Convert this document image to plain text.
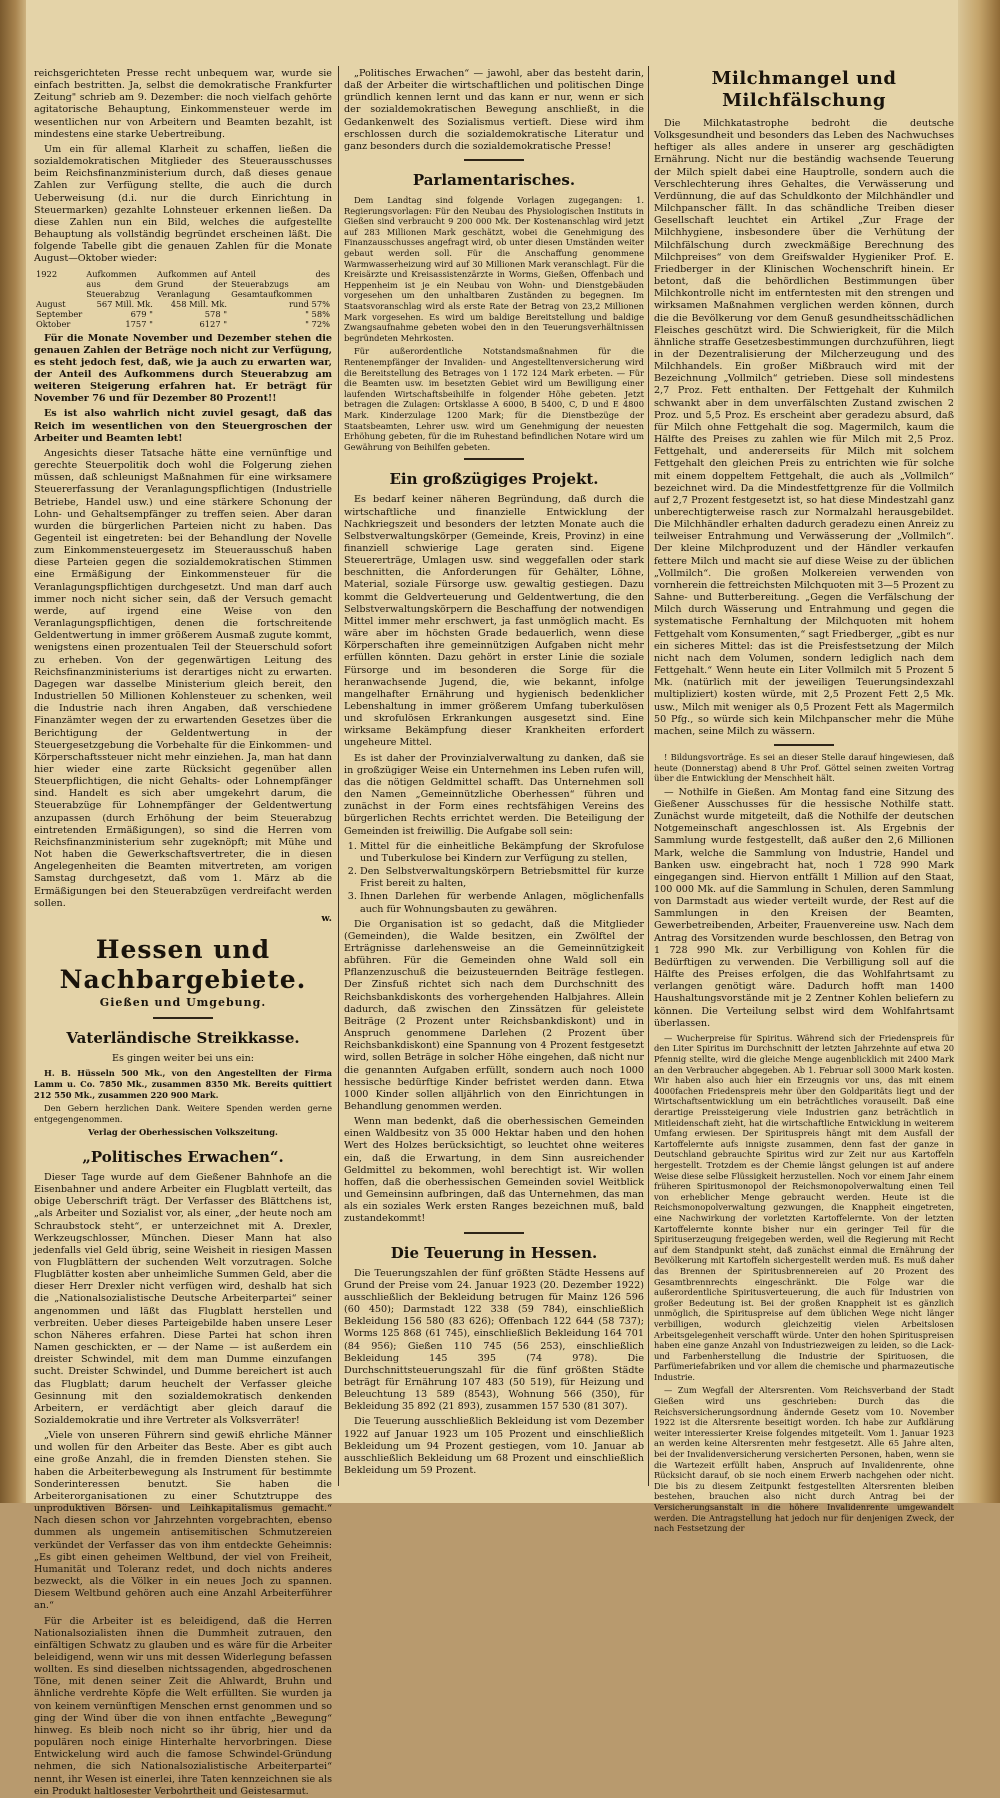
reichsgerichteten Presse recht unbequem war, wurde sie einfach bestritten. Ja, selbst die demokratische Frankfurter Zeitung" schrieb am 9. Dezember: die noch vielfach gehörte agitatorische Behauptung, Einkommensteuer werde im wesentlichen nur von Arbeitern und Beamten bezahlt, ist mindestens eine starke Uebertreibung.

Um ein für allemal Klarheit zu schaffen, ließen die sozialdemokratischen Mitglieder des Steuerausschusses beim Reichsfinanzministerium durch, daß dieses genaue Zahlen zur Verfügung stellte, die auch die durch Ueberweisung (d.i. nur die durch Einrichtung in Steuermarken) gezahlte Lohnsteuer erkennen ließen. Da diese Zahlen nun ein Bild, welches die aufgestellte Behauptung als vollständig begründet erscheinen läßt. Die folgende Tabelle gibt die genauen Zahlen für die Monate August—Oktober wieder:

1922	Aufkommen aus dem Steuerabzug	Aufkommen auf Grund der Veranlagung	Anteil des Steuerabzugs am Gesamtaufkommen
August	567 Mill. Mk.	458 Mill. Mk.	rund 57%
September	679 "	578 "	" 58%
Oktober	1757 "	6127 "	" 72%

Für die Monate November und Dezember stehen die genauen Zahlen der Beträge noch nicht zur Verfügung, es steht jedoch fest, daß, wie ja auch zu erwarten war, der Anteil des Aufkommens durch Steuerabzug am weiteren Steigerung erfahren hat. Er beträgt für November 76 und für Dezember 80 Prozent!!

Es ist also wahrlich nicht zuviel gesagt, daß das Reich im wesentlichen von den Steuergroschen der Arbeiter und Beamten lebt!

Angesichts dieser Tatsache hätte eine vernünftige und gerechte Steuerpolitik doch wohl die Folgerung ziehen müssen, daß schleunigst Maßnahmen für eine wirksamere Steuererfassung der Veranlagungspflichtigen (Industrielle Betriebe, Handel usw.) und eine stärkere Schonung der Lohn- und Gehaltsempfänger zu treffen seien. Aber daran wurden die bürgerlichen Parteien nicht zu haben. Das Gegenteil ist eingetreten: bei der Behandlung der Novelle zum Einkommensteuergesetz im Steuerausschuß haben diese Parteien gegen die sozialdemokratischen Stimmen eine Ermäßigung der Einkommensteuer für die Veranlagungspflichtigen durchgesetzt. Und man darf auch immer noch nicht sicher sein, daß der Versuch gemacht werde, auf irgend eine Weise von den Veranlagungspflichtigen, denen die fortschreitende Geldentwertung in immer größerem Ausmaß zugute kommt, wenigstens einen prozentualen Teil der Steuerschuld sofort zu erheben. Von der gegenwärtigen Leitung des Reichsfinanzministeriums ist derartiges nicht zu erwarten. Dagegen war dasselbe Ministerium gleich bereit, den Industriellen 50 Millionen Kohlensteuer zu schenken, weil die Industrie nach ihren Angaben, daß verschiedene Finanzämter wegen der zu erwartenden Gesetzes über die Berichtigung der Geldentwertung in der Steuergesetzgebung die Vorbehalte für die Einkommen- und Körperschaftssteuer nicht mehr einziehen. Ja, man hat dann hier wieder eine zarte Rücksicht gegenüber allen Steuerpflichtigen, die nicht Gehalts- oder Lohnempfänger sind. Handelt es sich aber umgekehrt darum, die Steuerabzüge für Lohnempfänger der Geldentwertung anzupassen (durch Erhöhung der beim Steuerabzug eintretenden Ermäßigungen), so sind die Herren vom Reichsfinanzministerium sehr zugeknöpft; mit Mühe und Not haben die Gewerkschaftsvertreter, die in diesen Angelegenheiten die Beamten mitvertreten, am vorigen Samstag durchgesetzt, daß vom 1. März ab die Ermäßigungen bei den Steuerabzügen verdreifacht werden sollen.

w.
Hessen und Nachbargebiete.
Gießen und Umgebung.
Vaterländische Streikkasse.

Es gingen weiter bei uns ein:

H. B. Hüsseln 500 Mk., von den Angestellten der Firma Lamm u. Co. 7850 Mk., zusammen 8350 Mk. Bereits quittiert 212 550 Mk., zusammen 220 900 Mark.

Den Gebern herzlichen Dank. Weitere Spenden werden gerne entgegengenommen.

Verlag der Oberhessischen Volkszeitung.

„Politisches Erwachen“.

Dieser Tage wurde auf dem Gießener Bahnhofe an die Eisenbahner und andere Arbeiter ein Flugblatt verteilt, das obige Ueberschrift trägt. Der Verfasser des Blättchens ist, „als Arbeiter und Sozialist vor, als einer, „der heute noch am Schraubstock steht“, er unterzeichnet mit A. Drexler, Werkzeugschlosser, München. Dieser Mann hat also jedenfalls viel Geld übrig, seine Weisheit in riesigen Massen von Flugblättern der suchenden Welt vorzutragen. Solche Flugblätter kosten aber unheimliche Summen Geld, aber die dieser Herr Drexler nicht verfügen wird, deshalb hat sich die „Nationalsozialistische Deutsche Arbeiterpartei“ seiner angenommen und läßt das Flugblatt herstellen und verbreiten. Ueber dieses Parteigebilde haben unsere Leser schon Näheres erfahren. Diese Partei hat schon ihren Namen geschickten, er — der Name — ist außerdem ein dreister Schwindel, mit dem man Dumme einzufangen sucht. Dreister Schwindel, und Dumme bereichert ist auch das Flugblatt; darum heuchelt der Verfasser gleiche Gesinnung mit den sozialdemokratisch denkenden Arbeitern, er verdächtigt aber gleich darauf die Sozialdemokratie und ihre Vertreter als Volksverräter!

„Viele von unseren Führern sind gewiß ehrliche Männer und wollen für den Arbeiter das Beste. Aber es gibt auch eine große Anzahl, die in fremden Diensten stehen. Sie haben die Arbeiterbewegung als Instrument für bestimmte Sonderinteressen benutzt. Sie haben die Arbeiterorganisationen zu einer Schutztruppe des unproduktiven Börsen- und Leihkapitalismus gemacht.“ Nach diesen schon vor Jahrzehnten vorgebrachten, ebenso dummen als ungemein antisemitischen Schmutzereien verkündet der Verfasser das von ihm entdeckte Geheimnis: „Es gibt einen geheimen Weltbund, der viel von Freiheit, Humanität und Toleranz redet, und doch nichts anderes bezweckt, als die Völker in ein neues Joch zu spannen. Diesem Weltbund gehören auch eine Anzahl Arbeiterführer an.“

Für die Arbeiter ist es beleidigend, daß die Herren Nationalsozialisten ihnen die Dummheit zutrauen, den einfältigen Schwatz zu glauben und es wäre für die Arbeiter beleidigend, wenn wir uns mit dessen Widerlegung befassen wollten. Es sind dieselben nichtssagenden, abgedroschenen Töne, mit denen seiner Zeit die Ahlwardt, Bruhn und ähnliche verdrehte Köpfe die Welt erfüllten. Sie wurden ja von keinem vernünftigen Menschen ernst genommen und so ging der Wind über die von ihnen entfachte „Bewegung“ hinweg. Es bleib noch nicht so ihr übrig, hier und da populären noch einige Hinterhalte hervorbringen. Diese Entwickelung wird auch die famose Schwindel-Gründung nehmen, die sich Nationalsozialistische Arbeiterpartei“ nennt, ihr Wesen ist einerlei, ihre Taten kennzeichnen sie als ein Produkt haltlosester Verbohrtheit und Geistesarmut.

„Politisches Erwachen“ — jawohl, aber das besteht darin, daß der Arbeiter die wirtschaftlichen und politischen Dinge gründlich kennen lernt und das kann er nur, wenn er sich der sozialdemokratischen Bewegung anschließt, in die Gedankenwelt des Sozialismus vertieft. Diese wird ihm erschlossen durch die sozialdemokratische Literatur und ganz besonders durch die sozialdemokratische Presse!

Parlamentarisches.

Dem Landtag sind folgende Vorlagen zugegangen: 1. Regierungsvorlagen: Für den Neubau des Physiologischen Instituts in Gießen sind verbraucht 9 200 000 Mk. Der Kostenanschlag wird jetzt auf 283 Millionen Mark geschätzt, wobei die Genehmigung des Finanzausschusses angefragt wird, ob unter diesen Umständen weiter gebaut werden soll. Für die Anschaffung genommene Warmwasserheizung wird auf 30 Millionen Mark veranschlagt. Für die Kreisärzte und Kreisassistenzärzte in Worms, Gießen, Offenbach und Heppenheim ist je ein Neubau von Wohn- und Dienstgebäuden vorgesehen um den unhaltbaren Zuständen zu begegnen. Im Staatsvoranschlag wird als erste Rate der Betrag von 23,2 Millionen Mark vorgesehen. Es wird um baldige Bereitstellung und baldige Zwangsaufnahme gebeten wobei den in den Teuerungsverhältnissen begründeten Mehrkosten.

Für außerordentliche Notstandsmaßnahmen für die Rentenempfänger der Invaliden- und Angestelltenversicherung wird die Bereitstellung des Betrages von 1 172 124 Mark erbeten. — Für die Beamten usw. im besetzten Gebiet wird um Bewilligung einer laufenden Wirtschaftsbeihilfe in folgender Höhe gebeten. Jetzt betragen die Zulagen: Ortsklasse A 6000, B 5400, C, D und E 4800 Mark. Kinderzulage 1200 Mark; für die Dienstbezüge der Staatsbeamten, Lehrer usw. wird um Genehmigung der neuesten Erhöhung gebeten, für die im Ruhestand befindlichen Notare wird um Gewährung von Beihilfen gebeten.

Ein großzügiges Projekt.

Es bedarf keiner näheren Begründung, daß durch die wirtschaftliche und finanzielle Entwicklung der Nachkriegszeit und besonders der letzten Monate auch die Selbstverwaltungskörper (Gemeinde, Kreis, Provinz) in eine finanziell schwierige Lage geraten sind. Eigene Steuererträge, Umlagen usw. sind weggefallen oder stark beschnitten, die Anforderungen für Gehälter, Löhne, Material, soziale Fürsorge usw. gewaltig gestiegen. Dazu kommt die Geldverteuerung und Geldentwertung, die den Selbstverwaltungskörpern die Beschaffung der notwendigen Mittel immer mehr erschwert, ja fast unmöglich macht. Es wäre aber im höchsten Grade bedauerlich, wenn diese Körperschaften ihre gemeinnützigen Aufgaben nicht mehr erfüllen könnten. Dazu gehört in erster Linie die soziale Fürsorge und im besonderen die Sorge für die heranwachsende Jugend, die, wie bekannt, infolge mangelhafter Ernährung und hygienisch bedenklicher Lebenshaltung in immer größerem Umfang tuberkulösen und skrofulösen Erkrankungen ausgesetzt sind. Eine wirksame Bekämpfung dieser Krankheiten erfordert ungeheure Mittel.

Es ist daher der Provinzialverwaltung zu danken, daß sie in großzügiger Weise ein Unternehmen ins Leben rufen will, das die nötigen Geldmittel schafft. Das Unternehmen soll den Namen „Gemeinnützliche Oberhessen“ führen und zunächst in der Form eines rechtsfähigen Vereins des bürgerlichen Rechts errichtet werden. Die Beteiligung der Gemeinden ist freiwillig. Die Aufgabe soll sein:

1. Mittel für die einheitliche Bekämpfung der Skrofulose und Tuberkulose bei Kindern zur Verfügung zu stellen,
2. Den Selbstverwaltungskörpern Betriebsmittel für kurze Frist bereit zu halten,
3. Ihnen Darlehen für werbende Anlagen, möglichenfalls auch für Wohnungsbauten zu gewähren.

Die Organisation ist so gedacht, daß die Mitglieder (Gemeinden), die Walde besitzen, ein Zwölftel der Erträgnisse darlehensweise an die Gemeinnützigkeit abführen. Für die Gemeinden ohne Wald soll ein Pflanzenzuschuß die beizusteuernden Beiträge festlegen. Der Zinsfuß richtet sich nach dem Durchschnitt des Reichsbankdiskonts des vorhergehenden Halbjahres. Allein dadurch, daß zwischen den Zinssätzen für geleistete Beiträge (2 Prozent unter Reichsbankdiskont) und in Anspruch genommene Darlehen (2 Prozent über Reichsbankdiskont) eine Spannung von 4 Prozent festgesetzt wird, sollen Beträge in solcher Höhe eingehen, daß nicht nur die genannten Aufgaben erfüllt, sondern auch noch 1000 hessische bedürftige Kinder befristet werden dann. Etwa 1000 Kinder sollen alljährlich von den Einrichtungen in Behandlung genommen werden.

Wenn man bedenkt, daß die oberhessischen Gemeinden einen Waldbesitz von 35 000 Hektar haben und den hohen Wert des Holzes berücksichtigt, so leuchtet ohne weiteres ein, daß die Erwartung, in dem Sinn ausreichender Geldmittel zu bekommen, wohl berechtigt ist. Wir wollen hoffen, daß die oberhessischen Gemeinden soviel Weitblick und Gemeinsinn aufbringen, daß das Unternehmen, das man als ein soziales Werk ersten Ranges bezeichnen muß, bald zustandekommt!

Die Teuerung in Hessen.

Die Teuerungszahlen der fünf größten Städte Hessens auf Grund der Preise vom 24. Januar 1923 (20. Dezember 1922) ausschließlich der Bekleidung betrugen für Mainz 126 596 (60 450); Darmstadt 122 338 (59 784), einschließlich Bekleidung 156 580 (83 626); Offenbach 122 644 (58 737); Worms 125 868 (61 745), einschließlich Bekleidung 164 701 (84 956); Gießen 110 745 (56 253), einschließlich Bekleidung 145 395 (74 978). Die Durchschnittsteuerungszahl für die fünf größten Städte beträgt für Ernährung 107 483 (50 519), für Heizung und Beleuchtung 13 589 (8543), Wohnung 566 (350), für Bekleidung 35 892 (21 893), zusammen 157 530 (81 307).

Die Teuerung ausschließlich Bekleidung ist vom Dezember 1922 auf Januar 1923 um 105 Prozent und einschließlich Bekleidung um 94 Prozent gestiegen, vom 10. Januar ab ausschließlich Bekleidung um 68 Prozent und einschließlich Bekleidung um 59 Prozent.

Milchmangel und Milchfälschung

Die Milchkatastrophe bedroht die deutsche Volksgesundheit und besonders das Leben des Nachwuchses heftiger als alles andere in unserer arg geschädigten Ernährung. Nicht nur die beständig wachsende Teuerung der Milch spielt dabei eine Hauptrolle, sondern auch die Verschlechterung ihres Gehaltes, die Verwässerung und Verdünnung, die auf das Schuldkonto der Milchhändler und Milchpanscher fällt. In das schändliche Treiben dieser Gesellschaft leuchtet ein Artikel „Zur Frage der Milchhygiene, insbesondere über die Verhütung der Milchfälschung durch zweckmäßige Berechnung des Milchpreises“ von dem Greifswalder Hygieniker Prof. E. Friedberger in der Klinischen Wochenschrift hinein. Er betont, daß die behördlichen Bestimmungen über Milchkontrolle nicht im entferntesten mit den strengen und wirksamen Maßnahmen verglichen werden können, durch die die Bevölkerung vor dem Genuß gesundheitsschädlichen Fleisches geschützt wird. Die Schwierigkeit, für die Milch ähnliche straffe Gesetzesbestimmungen durchzuführen, liegt in der Dezentralisierung der Milcherzeugung und des Milchhandels. Ein großer Mißbrauch wird mit der Bezeichnung „Vollmilch“ getrieben. Diese soll mindestens 2,7 Proz. Fett enthalten. Der Fettgehalt der Kuhmilch schwankt aber in dem unverfälschten Zustand zwischen 2 Proz. und 5,5 Proz. Es erscheint aber geradezu absurd, daß für Milch ohne Fettgehalt die sog. Magermilch, kaum die Hälfte des Preises zu zahlen wie für Milch mit 2,5 Proz. Fettgehalt, und andererseits für Milch mit solchem Fettgehalt den gleichen Preis zu entrichten wie für solche mit einem doppeltem Fettgehalt, die auch als „Vollmilch“ bezeichnet wird. Da die Mindestfettgrenze für die Vollmilch auf 2,7 Prozent festgesetzt ist, so hat diese Mindestzahl ganz unberechtigterweise rasch zur Normalzahl herausgebildet. Die Milchhändler erhalten dadurch geradezu einen Anreiz zu teilweiser Entrahmung und Verwässerung der „Vollmilch“. Der kleine Milchproduzent und der Händler verkaufen fettere Milch und macht sie auf diese Weise zu der üblichen „Vollmilch“. Die großen Molkereien verwenden von vornherein die fettreichsten Milchquoten mit 3—5 Prozent zu Sahne- und Butterbereitung. „Gegen die Verfälschung der Milch durch Wässerung und Entrahmung und gegen die systematische Fernhaltung der Milchquoten mit hohem Fettgehalt vom Konsumenten,“ sagt Friedberger, „gibt es nur ein sicheres Mittel: das ist die Preisfestsetzung der Milch nicht nach dem Volumen, sondern lediglich nach dem Fettgehalt.“ Wenn heute ein Liter Vollmilch mit 5 Prozent 5 Mk. (natürlich mit der jeweiligen Teuerungsindexzahl multipliziert) kosten würde, mit 2,5 Prozent Fett 2,5 Mk. usw., Milch mit weniger als 0,5 Prozent Fett als Magermilch 50 Pfg., so würde sich kein Milchpanscher mehr die Mühe machen, seine Milch zu wässern.

! Bildungsvorträge. Es sei an dieser Stelle darauf hingewiesen, daß heute (Donnerstag) abend 8 Uhr Prof. Göttel seinen zweiten Vortrag über die Entwicklung der Menschheit hält.

— Nothilfe in Gießen. Am Montag fand eine Sitzung des Gießener Ausschusses für die hessische Nothilfe statt. Zunächst wurde mitgeteilt, daß die Nothilfe der deutschen Notgemeinschaft angeschlossen ist. Als Ergebnis der Sammlung wurde festgestellt, daß außer den 2,6 Millionen Mark, welche die Sammlung von Industrie, Handel und Banken usw. eingebracht hat, noch 1 728 990 Mark eingegangen sind. Hiervon entfällt 1 Million auf den Staat, 100 000 Mk. auf die Sammlung in Schulen, deren Sammlung von Darmstadt aus wieder verteilt wurde, der Rest auf die Sammlungen in den Kreisen der Beamten, Gewerbetreibenden, Arbeiter, Frauenvereine usw. Nach dem Antrag des Vorsitzenden wurde beschlossen, den Betrag von 1 728 990 Mk. zur Verbilligung von Kohlen für die Bedürftigen zu verwenden. Die Verbilligung soll auf die Hälfte des Preises erfolgen, die das Wohlfahrtsamt zu verlangen genötigt wäre. Dadurch hofft man 1400 Haushaltungsvorstände mit je 2 Zentner Kohlen beliefern zu können. Die Verteilung selbst wird dem Wohlfahrtsamt überlassen.

— Wucherpreise für Spiritus. Während sich der Friedenspreis für den Liter Spiritus im Durchschnitt der letzten Jahrzehnte auf etwa 20 Pfennig stellte, wird die gleiche Menge augenblicklich mit 2400 Mark an den Verbraucher abgegeben. Ab 1. Februar soll 3000 Mark kosten. Wir haben also auch hier ein Erzeugnis vor uns, das mit einem 4000fachen Friedenspreis mehr über den Goldparitäts liegt und der Wirtschaftsentwicklung um ein beträchtliches vorauseilt. Daß eine derartige Preissteigerung viele Industrien ganz beträchtlich in Mitleidenschaft zieht, hat die wirtschaftliche Entwicklung in weiterem Umfang erwiesen. Der Spirituspreis hängt mit dem Ausfall der Kartoffelernte aufs innigste zusammen, denn fast der ganze in Deutschland gebrauchte Spiritus wird zur Zeit nur aus Kartoffeln hergestellt. Trotzdem es der Chemie längst gelungen ist auf andere Weise diese selbe Flüssigkeit herzustellen. Noch vor einem Jahr einem früheren Spiritusmonopol der Reichsmonopolverwaltung einen Teil von erheblicher Menge gebraucht werden. Heute ist die Reichsmonopolverwaltung gezwungen, die Knappheit eingetreten, eine Nachwirkung der vorletzten Kartoffelernte. Von der letzten Kartoffelernte konnte bisher nur ein geringer Teil für die Spirituserzeugung freigegeben werden, weil die Regierung mit Recht auf dem Standpunkt steht, daß zunächst einmal die Ernährung der Bevölkerung mit Kartoffeln sichergestellt werden muß. Es muß daher das Brennen der Spiritusbrennereien auf 20 Prozent des Gesamtbrennrechts eingeschränkt. Die Folge war die außerordentliche Spiritusverteuerung, die auch für Industrien von großer Bedeutung ist. Bei der großen Knappheit ist es gänzlich unmöglich, die Spirituspreise auf dem üblichen Wege nicht länger verbilligen, wodurch gleichzeitig vielen Arbeitslosen Arbeitsgelegenheit verschafft würde. Unter den hohen Spirituspreisen haben eine ganze Anzahl von Industriezweigen zu leiden, so die Lack- und Farbenherstellung die Industrie der Spirituosen, die Parfümeriefabriken und vor allem die chemische und pharmazeutische Industrie.

— Zum Wegfall der Altersrenten. Vom Reichsverband der Stadt Gießen wird uns geschrieben: Durch das die Reichsversicherungsordnung ändernde Gesetz vom 10. November 1922 ist die Altersrente beseitigt worden. Ich habe zur Aufklärung weiter interessierter Kreise folgendes mitgeteilt. Vom 1. Januar 1923 an werden keine Altersrenten mehr festgesetzt. Alle 65 Jahre alten, bei der Invalidenversicherung versicherten Personen, haben, wenn sie die Wartezeit erfüllt haben, Anspruch auf Invalidenrente, ohne Rücksicht darauf, ob sie noch einem Erwerb nachgehen oder nicht. Die bis zu diesem Zeitpunkt festgestellten Altersrenten bleiben bestehen, brauchen also nicht durch Antrag bei der Versicherungsanstalt in die höhere Invalidenrente umgewandelt werden. Die Antragstellung hat jedoch nur für denjenigen Zweck, der nach Festsetzung der
